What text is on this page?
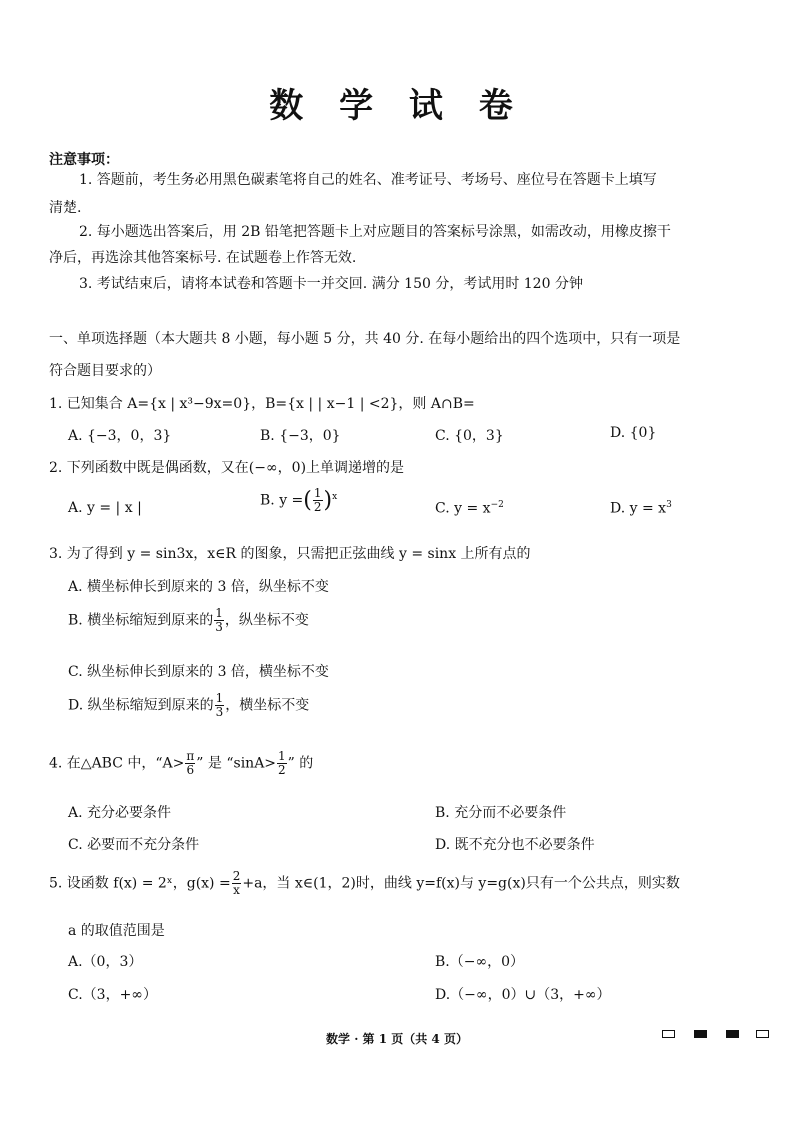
数 学 试 卷
注意事项：
1. 答题前，考生务必用黑色碳素笔将自己的姓名、准考证号、考场号、座位号在答题卡上填写
清楚.
2. 每小题选出答案后，用 2B 铅笔把答题卡上对应题目的答案标号涂黑，如需改动，用橡皮擦干
净后，再选涂其他答案标号. 在试题卷上作答无效.
3. 考试结束后，请将本试卷和答题卡一并交回. 满分 150 分，考试用时 120 分钟
一、单项选择题（本大题共 8 小题，每小题 5 分，共 40 分. 在每小题给出的四个选项中，只有一项是
符合题目要求的）
1. 已知集合 A={x | x³−9x=0}，B={x | | x−1 | <2}，则 A∩B=
A. {−3，0，3}	B. {−3，0}	C. {0，3}	D. {0}
2. 下列函数中既是偶函数，又在(−∞，0)上单调递增的是
A. y = | x |	B. y =( $\frac{1}{2} )^x$
C. $y = x^{-2}$	D. $y = x^3$
3. 为了得到 y = sin3x，x∈R 的图象，只需把正弦曲线 y = sinx 上所有点的
A. 横坐标伸长到原来的 3 倍，纵坐标不变
B. 横坐标缩短到原来的 $\frac{1}{3}$ ，纵坐标不变
C. 纵坐标伸长到原来的 3 倍，横坐标不变
D. 纵坐标缩短到原来的 $\frac{1}{3}$ ，横坐标不变
4. 在△ABC 中，“$A> \frac{\pi}{6}$ ” 是 “$\sin A> \frac{1}{2}$ ” 的
A. 充分必要条件	B. 充分而不必要条件
C. 必要而不充分条件	D. 既不充分也不必要条件
5. 设函数 f(x) = 2ˣ，$g(x) = \frac{2}{x} +a$，当 x∈(1，2)时，曲线 y=f(x)与 y=g(x)只有一个公共点，则实数
a 的取值范围是
A.（0，3）	B.（−∞，0）
C.（3，+∞）	D.（−∞，0）∪（3，+∞）
数学 · 第 1 页（共 4 页）
